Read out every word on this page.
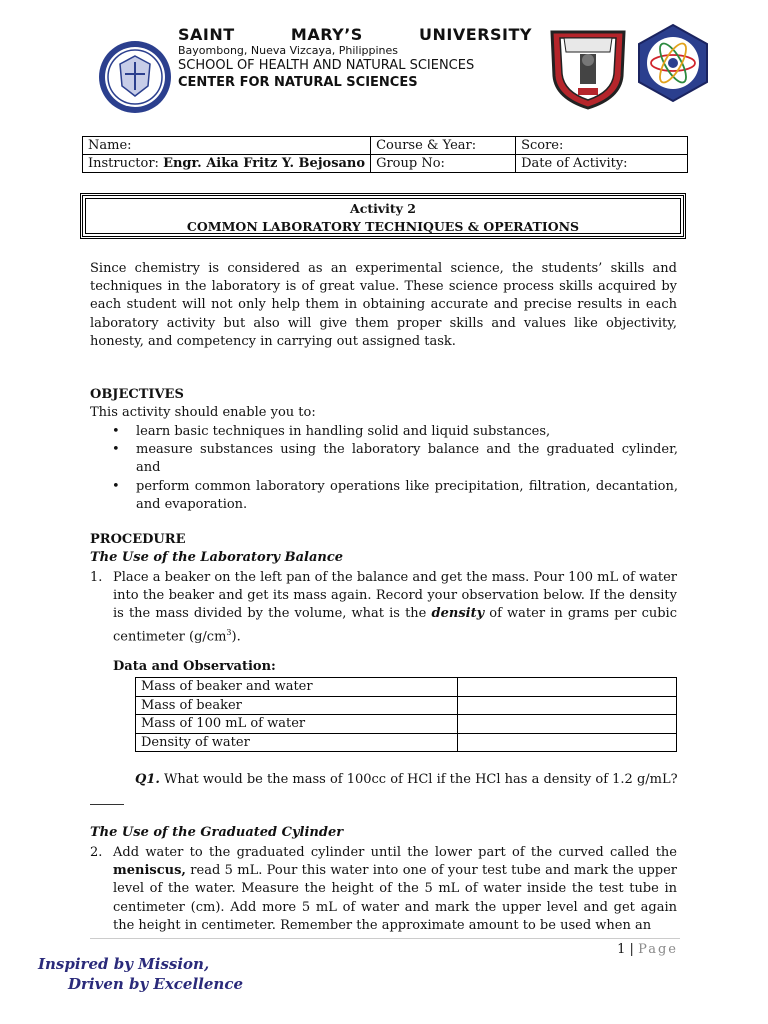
SAINT	MARY’S	UNIVERSITY
Bayombong, Nueva Vizcaya, Philippines
SCHOOL OF HEALTH AND NATURAL SCIENCES
CENTER FOR NATURAL SCIENCES
Name:	Course & Year:	Score:
Instructor: Engr. Aika Fritz Y. Bejosano	Group No:	Date of Activity:
Activity 2
COMMON LABORATORY TECHNIQUES & OPERATIONS
Since chemistry is considered as an experimental science, the students’ skills and techniques in the laboratory is of great value. These science process skills acquired by each student will not only help them in obtaining accurate and precise results in each laboratory activity but also will give them proper skills and values like objectivity, honesty, and competency in carrying out assigned task.
OBJECTIVES
This activity should enable you to:
• learn basic techniques in handling solid and liquid substances,
• measure substances using the laboratory balance and the graduated cylinder, and
• perform common laboratory operations like precipitation, filtration, decantation, and evaporation.
PROCEDURE
The Use of the Laboratory Balance
1. Place a beaker on the left pan of the balance and get the mass. Pour 100 mL of water into the beaker and get its mass again. Record your observation below. If the density is the mass divided by the volume, what is the density of water in grams per cubic centimeter $(g/cm^3)$.
Data and Observation:
Mass of beaker and water	
Mass of beaker	
Mass of 100 mL of water	
Density of water	
Q1. What would be the mass of 100cc of HCl if the HCl has a density of 1.2 g/mL?
The Use of the Graduated Cylinder
2. Add water to the graduated cylinder until the lower part of the curved called the meniscus, read 5 mL. Pour this water into one of your test tube and mark the upper level of the water. Measure the height of the 5 mL of water inside the test tube in centimeter (cm). Add more 5 mL of water and mark the upper level and get again the height in centimeter. Remember the approximate amount to be used when an
1 | Page
Inspired by Mission,
Driven by Excellence
